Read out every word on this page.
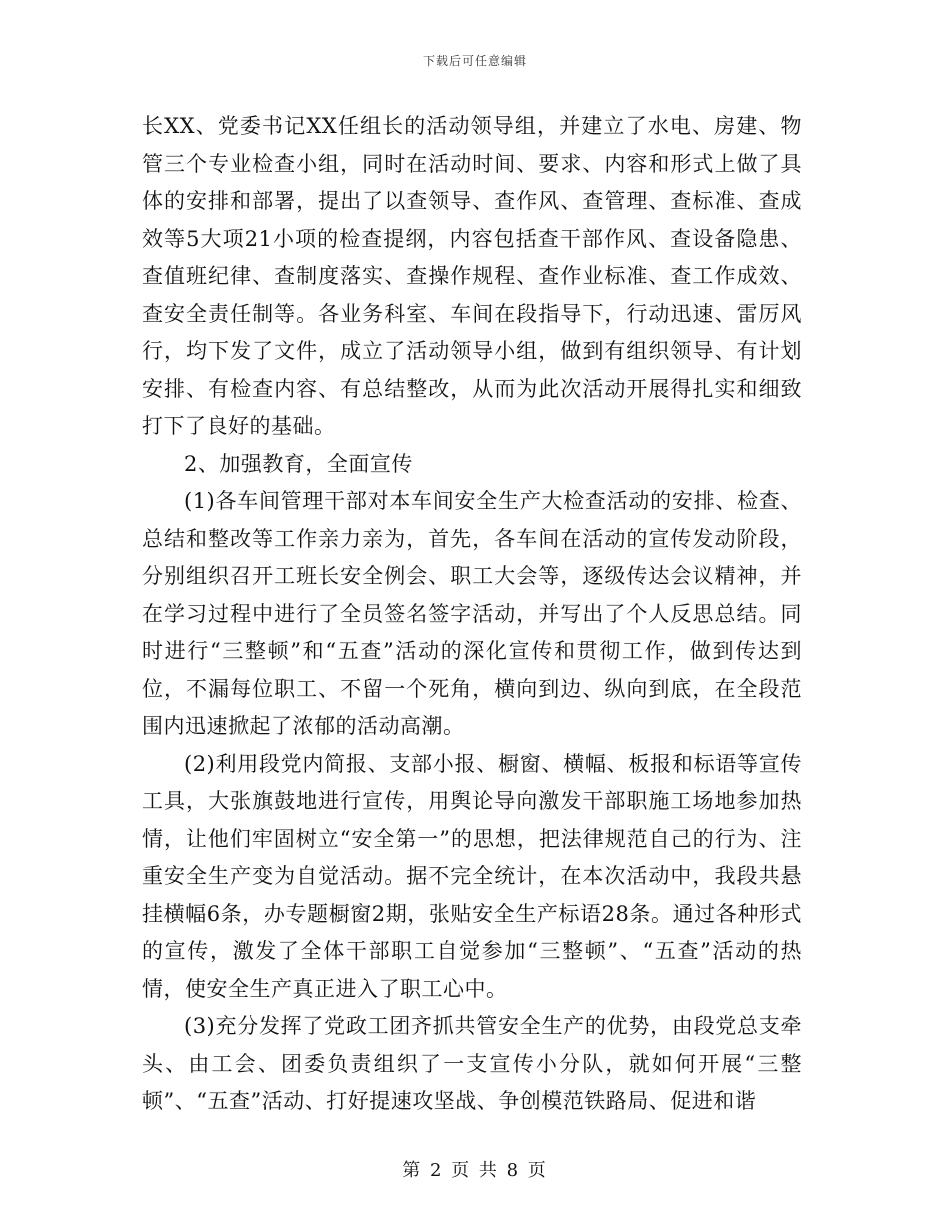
下载后可任意编辑

长XX、党委书记XX任组长的活动领导组，并建立了水电、房建、物管三个专业检查小组，同时在活动时间、要求、内容和形式上做了具体的安排和部署，提出了以查领导、查作风、查管理、查标准、查成效等5大项21小项的检查提纲，内容包括查干部作风、查设备隐患、查值班纪律、查制度落实、查操作规程、查作业标准、查工作成效、查安全责任制等。各业务科室、车间在段指导下，行动迅速、雷厉风行，均下发了文件，成立了活动领导小组，做到有组织领导、有计划安排、有检查内容、有总结整改，从而为此次活动开展得扎实和细致打下了良好的基础。

2、加强教育，全面宣传

(1)各车间管理干部对本车间安全生产大检查活动的安排、检查、总结和整改等工作亲力亲为，首先，各车间在活动的宣传发动阶段，分别组织召开工班长安全例会、职工大会等，逐级传达会议精神，并在学习过程中进行了全员签名签字活动，并写出了个人反思总结。同时进行“三整顿”和“五查”活动的深化宣传和贯彻工作，做到传达到位，不漏每位职工、不留一个死角，横向到边、纵向到底，在全段范围内迅速掀起了浓郁的活动高潮。

(2)利用段党内简报、支部小报、橱窗、横幅、板报和标语等宣传工具，大张旗鼓地进行宣传，用舆论导向激发干部职施工场地参加热情，让他们牢固树立“安全第一”的思想，把法律规范自己的行为、注重安全生产变为自觉活动。据不完全统计，在本次活动中，我段共悬挂横幅6条，办专题橱窗2期，张贴安全生产标语28条。通过各种形式的宣传，激发了全体干部职工自觉参加“三整顿”、“五查”活动的热情，使安全生产真正进入了职工心中。

(3)充分发挥了党政工团齐抓共管安全生产的优势，由段党总支牵头、由工会、团委负责组织了一支宣传小分队，就如何开展“三整顿”、“五查”活动、打好提速攻坚战、争创模范铁路局、促进和谐

第 2 页 共 8 页
